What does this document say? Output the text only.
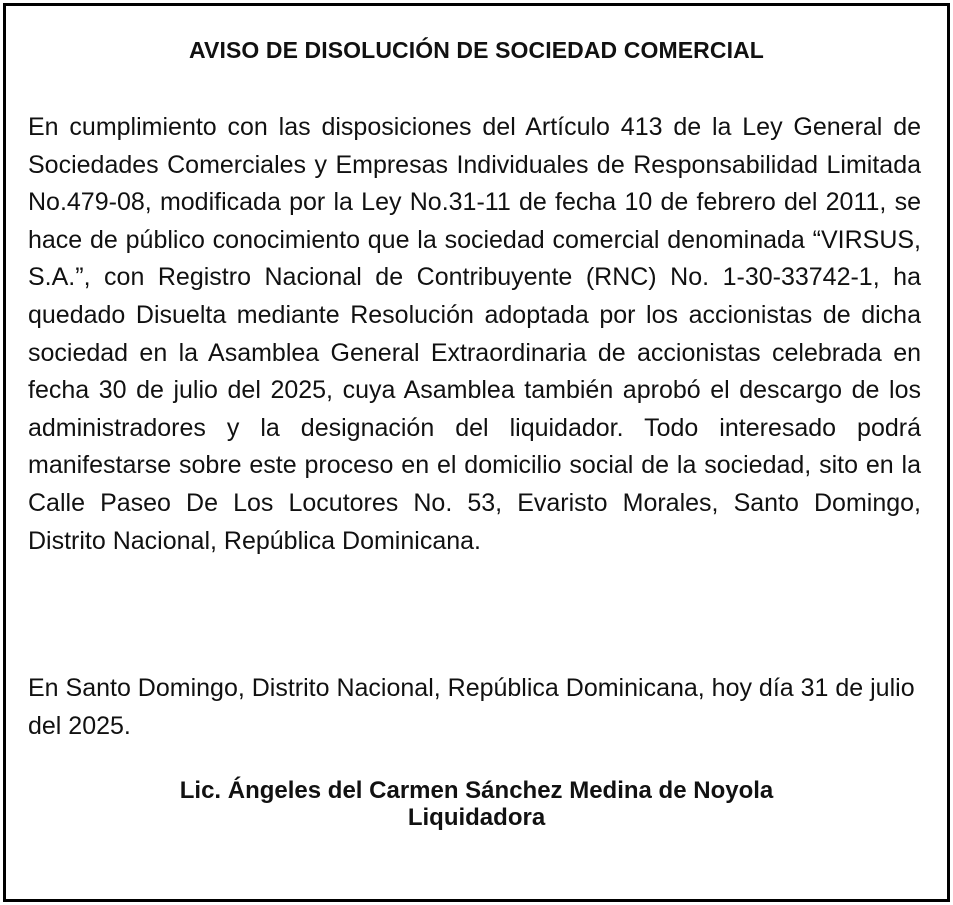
AVISO DE DISOLUCIÓN DE SOCIEDAD COMERCIAL

En cumplimiento con las disposiciones del Artículo 413 de la Ley General de Sociedades Comerciales y Empresas Individuales de Responsabilidad Limitada No.479-08, modificada por la Ley No.31-11 de fecha 10 de febrero del 2011, se hace de público conocimiento que la sociedad comercial denominada “VIRSUS, S.A.”, con Registro Nacional de Contribuyente (RNC) No. 1-30-33742-1, ha quedado Disuelta mediante Resolución adoptada por los accionistas de dicha sociedad en la Asamblea General Extraordinaria de accionistas celebrada en fecha 30 de julio del 2025, cuya Asamblea también aprobó el descargo de los administradores y la designación del liquidador. Todo interesado podrá manifestarse sobre este proceso en el domicilio social de la sociedad, sito en la Calle Paseo De Los Locutores No. 53, Evaristo Morales, Santo Domingo, Distrito Nacional, República Dominicana.

En Santo Domingo, Distrito Nacional, República Dominicana, hoy día 31 de julio del 2025.

Lic. Ángeles del Carmen Sánchez Medina de Noyola
Liquidadora
